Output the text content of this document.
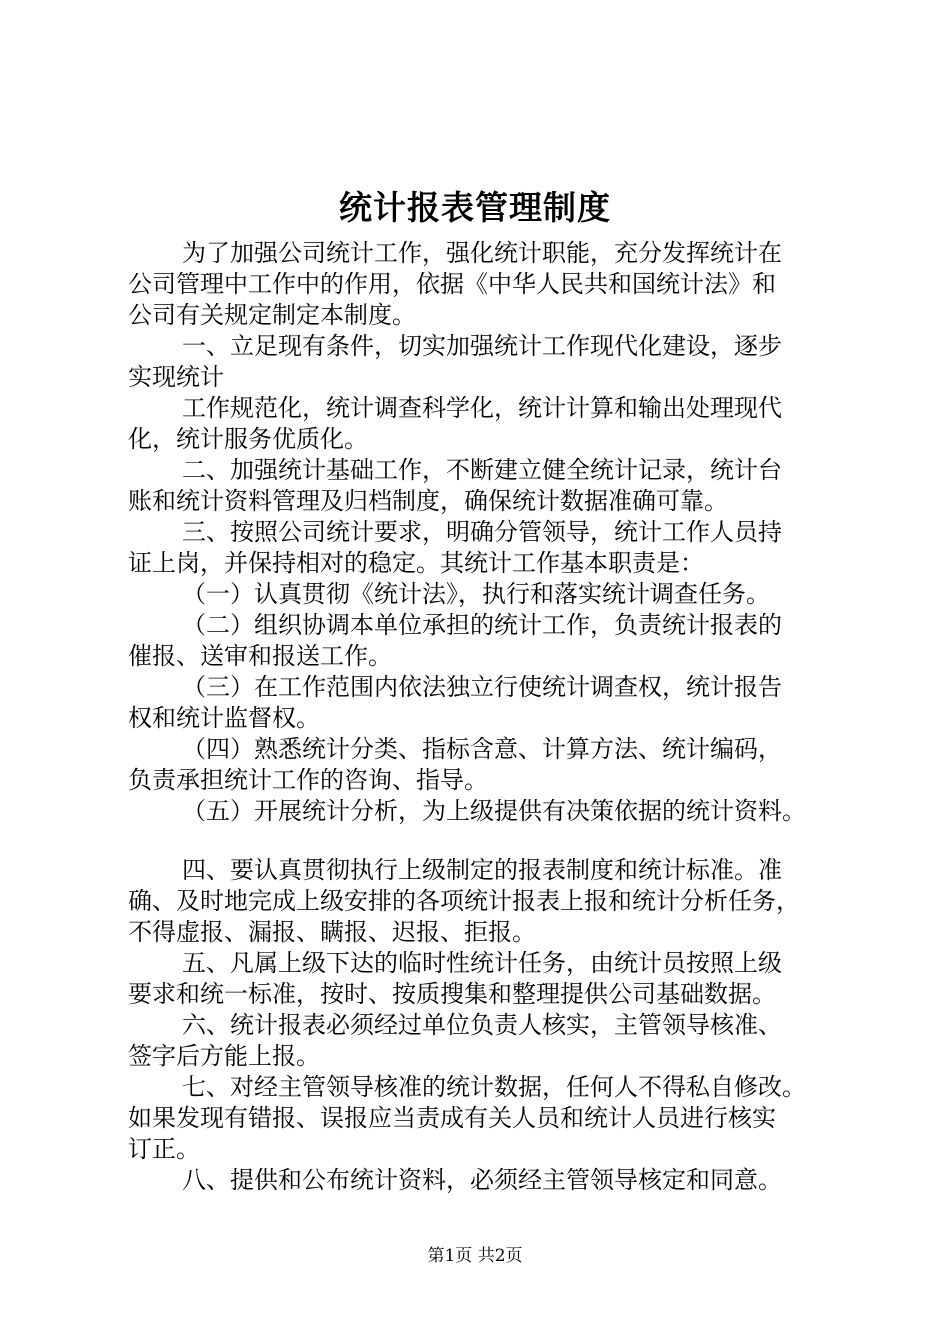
统计报表管理制度
为了加强公司统计工作，强化统计职能，充分发挥统计在
公司管理中工作中的作用，依据《中华人民共和国统计法》和
公司有关规定制定本制度。
一、立足现有条件，切实加强统计工作现代化建设，逐步
实现统计
工作规范化，统计调查科学化，统计计算和输出处理现代
化，统计服务优质化。
二、加强统计基础工作，不断建立健全统计记录，统计台
账和统计资料管理及归档制度，确保统计数据准确可靠。
三、按照公司统计要求，明确分管领导，统计工作人员持
证上岗，并保持相对的稳定。其统计工作基本职责是：
（一）认真贯彻《统计法》，执行和落实统计调查任务。
（二）组织协调本单位承担的统计工作，负责统计报表的
催报、送审和报送工作。
（三）在工作范围内依法独立行使统计调查权，统计报告
权和统计监督权。
（四）熟悉统计分类、指标含意、计算方法、统计编码，
负责承担统计工作的咨询、指导。
（五）开展统计分析，为上级提供有决策依据的统计资料。
四、要认真贯彻执行上级制定的报表制度和统计标准。准
确、及时地完成上级安排的各项统计报表上报和统计分析任务，
不得虚报、漏报、瞒报、迟报、拒报。
五、凡属上级下达的临时性统计任务，由统计员按照上级
要求和统一标准，按时、按质搜集和整理提供公司基础数据。
六、统计报表必须经过单位负责人核实，主管领导核准、
签字后方能上报。
七、对经主管领导核准的统计数据，任何人不得私自修改。
如果发现有错报、误报应当责成有关人员和统计人员进行核实
订正。
八、提供和公布统计资料，必须经主管领导核定和同意。
第1页 共2页
